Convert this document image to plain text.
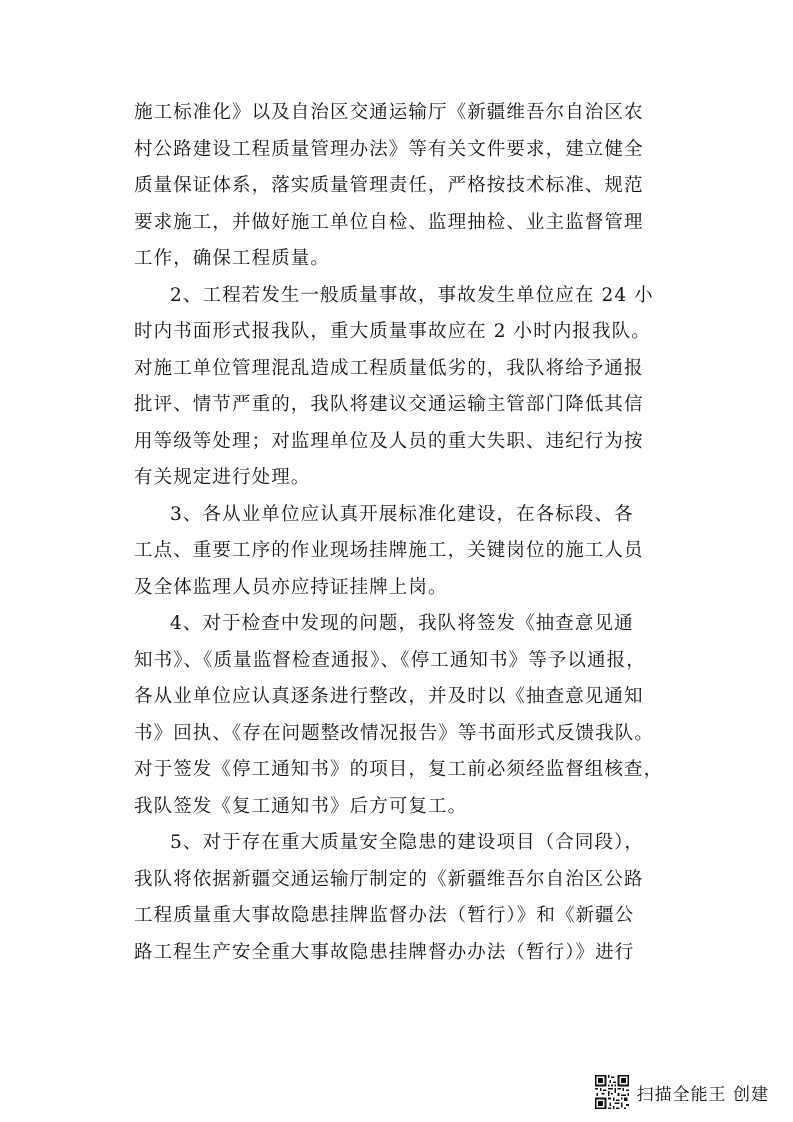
施工标准化》以及自治区交通运输厅《新疆维吾尔自治区农
村公路建设工程质量管理办法》等有关文件要求，建立健全
质量保证体系，落实质量管理责任，严格按技术标准、规范
要求施工，并做好施工单位自检、监理抽检、业主监督管理
工作，确保工程质量。
2、工程若发生一般质量事故，事故发生单位应在 24 小
时内书面形式报我队，重大质量事故应在 2 小时内报我队。
对施工单位管理混乱造成工程质量低劣的，我队将给予通报
批评、情节严重的，我队将建议交通运输主管部门降低其信
用等级等处理；对监理单位及人员的重大失职、违纪行为按
有关规定进行处理。
3、各从业单位应认真开展标准化建设，在各标段、各
工点、重要工序的作业现场挂牌施工，关键岗位的施工人员
及全体监理人员亦应持证挂牌上岗。
4、对于检查中发现的问题，我队将签发《抽查意见通
知书》、《质量监督检查通报》、《停工通知书》等予以通报，
各从业单位应认真逐条进行整改，并及时以《抽查意见通知
书》回执、《存在问题整改情况报告》等书面形式反馈我队。
对于签发《停工通知书》的项目，复工前必须经监督组核查，
我队签发《复工通知书》后方可复工。
5、对于存在重大质量安全隐患的建设项目（合同段），
我队将依据新疆交通运输厅制定的《新疆维吾尔自治区公路
工程质量重大事故隐患挂牌监督办法（暂行）》和《新疆公
路工程生产安全重大事故隐患挂牌督办办法（暂行）》进行
扫描全能王 创建
